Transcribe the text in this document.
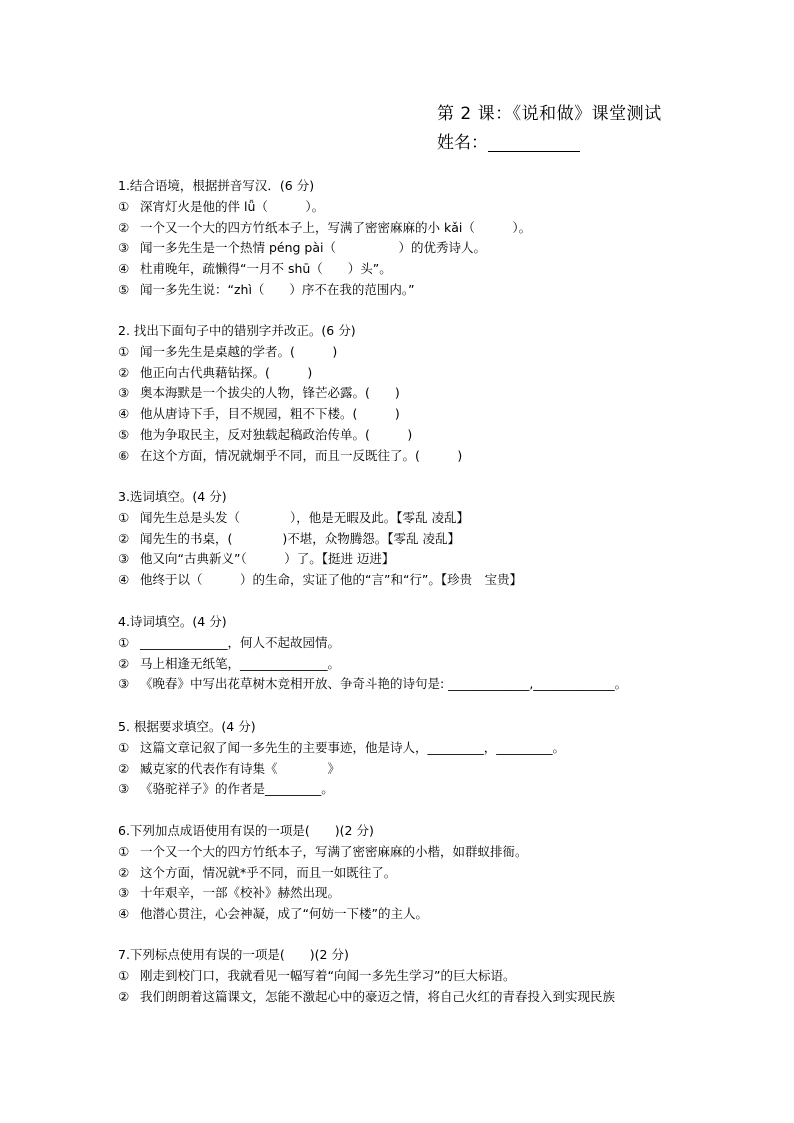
第 2 课：《说和做》课堂测试
姓名：
1.结合语境，根据拼音写汉．(6 分)
① 深宵灯火是他的伴 lǚ（　　　）。
② 一个又一个大的四方竹纸本子上，写满了密密麻麻的小 kǎi（　　　）。
③ 闻一多先生是一个热情 péng pài（　　　　　）的优秀诗人。
④ 杜甫晚年，疏懒得“一月不 shū（　　）头”。
⑤ 闻一多先生说：“zhì（　　）序不在我的范围内。”
2. 找出下面句子中的错别字并改正。(6 分)
① 闻一多先生是桌越的学者。(　　　)
② 他正向古代典藉钻探。(　　　)
③ 奥本海默是一个拔尖的人物，锋芒必露。(　　)
④ 他从唐诗下手，目不规园，粗不下楼。(　　　)
⑤ 他为争取民主，反对独载起稿政治传单。(　　　)
⑥ 在这个方面，情况就炯乎不同，而且一反既往了。(　　　)
3.选词填空。(4 分)
① 闻先生总是头发（　　　　），他是无暇及此。【零乱 凌乱】
② 闻先生的书桌，(　　　　)不堪，众物腾怨。【零乱 凌乱】
③ 他又向“古典新义”（　　　）了。【挺进 迈进】
④ 他终于以（　　　）的生命，实证了他的“言”和“行”。【珍贵　宝贵】
4.诗词填空。(4 分)
① ______________，何人不起故园情。
② 马上相逢无纸笔，______________。
③ 《晚春》中写出花草树木竞相开放、争奇斗艳的诗句是: _____________,_____________。
5. 根据要求填空。(4 分)
① 这篇文章记叙了闻一多先生的主要事迹，他是诗人，_________，_________。
② 臧克家的代表作有诗集《　　　　》
③ 《骆驼祥子》的作者是_________。
6.下列加点成语使用有误的一项是(　　)(2 分)
① 一个又一个大的四方竹纸本子，写满了密密麻麻的小楷，如群蚁排衙。
② 这个方面，情况就*乎不同，而且一如既往了。
③ 十年艰辛，一部《校补》赫然出现。
④ 他潜心贯注，心会神凝，成了“何妨一下楼”的主人。
7.下列标点使用有误的一项是(　　)(2 分)
① 刚走到校门口，我就看见一幅写着“向闻一多先生学习”的巨大标语。
② 我们朗朗着这篇课文，怎能不激起心中的豪迈之情，将自己火红的青春投入到实现民族
